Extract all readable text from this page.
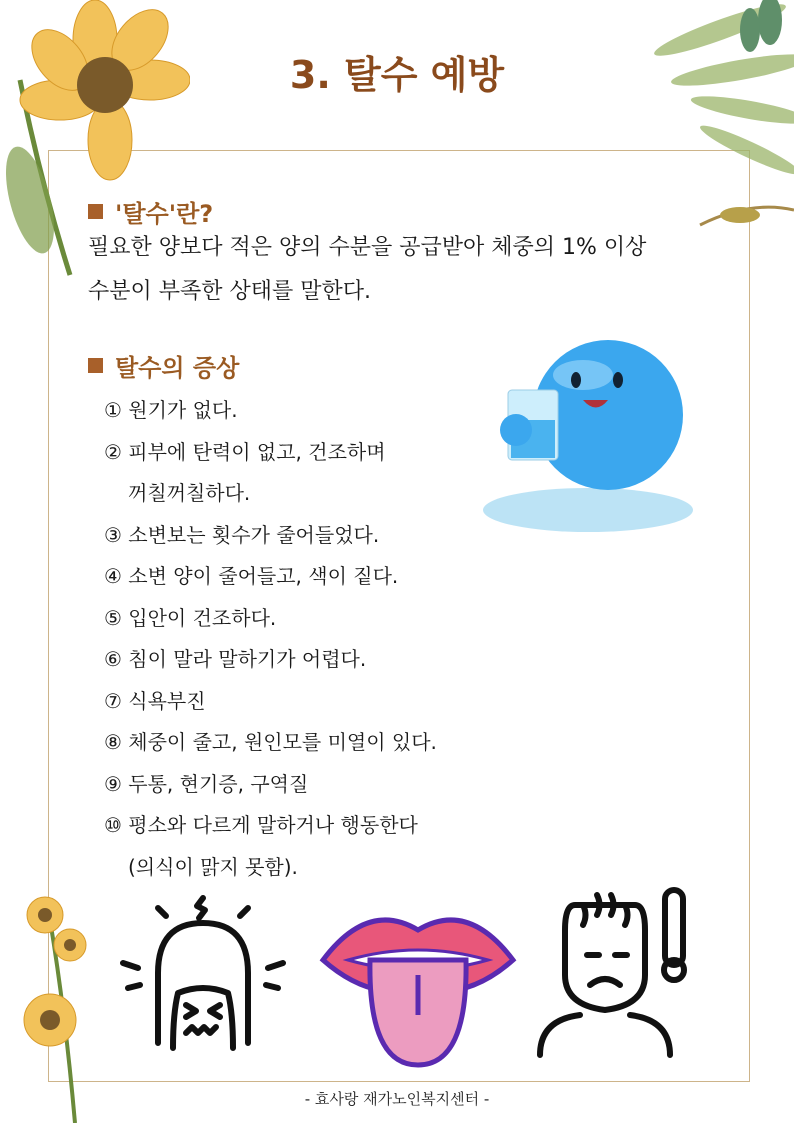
3. 탈수 예방
'탈수'란?
필요한 양보다 적은 양의 수분을 공급받아 체중의 1% 이상
수분이 부족한 상태를 말한다.
탈수의 증상
① 원기가 없다.
② 피부에 탄력이 없고, 건조하며
꺼칠꺼칠하다.
③ 소변보는 횟수가 줄어들었다.
④ 소변 양이 줄어들고, 색이 짙다.
⑤ 입안이 건조하다.
⑥ 침이 말라 말하기가 어렵다.
⑦ 식욕부진
⑧ 체중이 줄고, 원인모를 미열이 있다.
⑨ 두통, 현기증, 구역질
⑩ 평소와 다르게 말하거나 행동한다
(의식이 맑지 못함).
- 효사랑 재가노인복지센터 -
